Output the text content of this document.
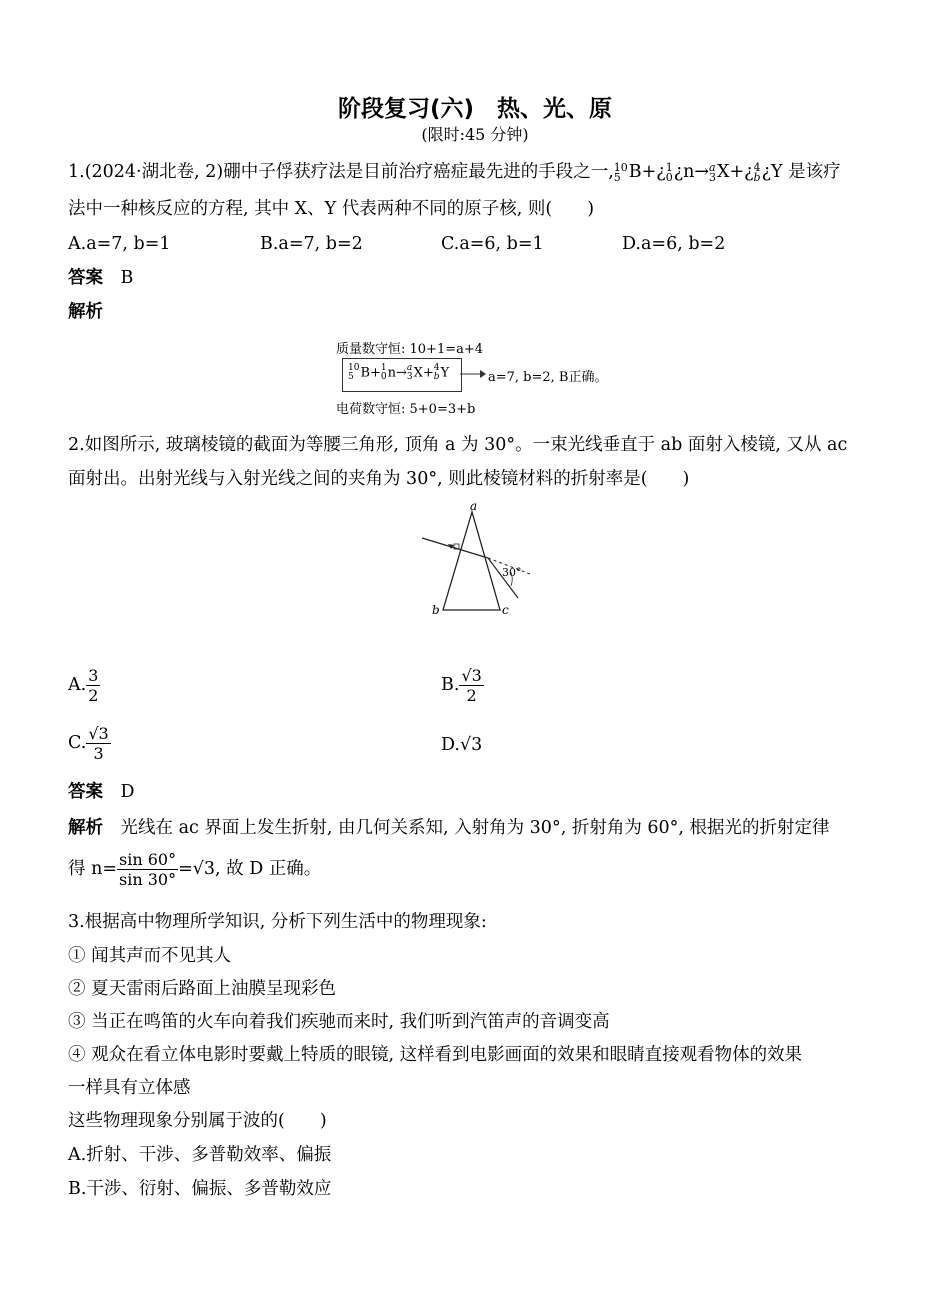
阶段复习(六)　热、光、原
(限时:45 分钟)
1.(2024·湖北卷, 2)硼中子俘获疗法是目前治疗癌症最先进的手段之一, 10
5 B+¿ 1
0 ¿n→ a
3 X+¿ 4
b ¿Y 是该疗
法中一种核反应的方程, 其中 X、Y 代表两种不同的原子核, 则(　　)
A.a=7, b=1	B.a=7, b=2	C.a=6, b=1	D.a=6, b=2
答案　 B
解析
质量数守恒: 10+1=a+4
10
5 B+ 1
0 n→ a
3 X+ 4
b Y	a=7, b=2, B正确。
电荷数守恒: 5+0=3+b
2.如图所示, 玻璃棱镜的截面为等腰三角形, 顶角 a 为 30°。一束光线垂直于 ab 面射入棱镜, 又从 ac
面射出。出射光线与入射光线之间的夹角为 30°, 则此棱镜材料的折射率是(　　)
a
b	c
30°
A. $\frac{3}{2}$	B. $\frac{√3}{2}$
C. $\frac{√3}{3}$	D.√3
答案　 D
解析　 光线在 ac 界面上发生折射, 由几何关系知, 入射角为 30°, 折射角为 60°, 根据光的折射定律
得 $n= \frac{\sin 60^\circ}{\sin 30^\circ} =√3$, 故 D 正确。
3.根据高中物理所学知识, 分析下列生活中的物理现象:
① 闻其声而不见其人
② 夏天雷雨后路面上油膜呈现彩色
③ 当正在鸣笛的火车向着我们疾驰而来时, 我们听到汽笛声的音调变高
④ 观众在看立体电影时要戴上特质的眼镜, 这样看到电影画面的效果和眼睛直接观看物体的效果
一样具有立体感
这些物理现象分别属于波的(　　)
A.折射、干涉、多普勒效率、偏振
B.干涉、衍射、偏振、多普勒效应
